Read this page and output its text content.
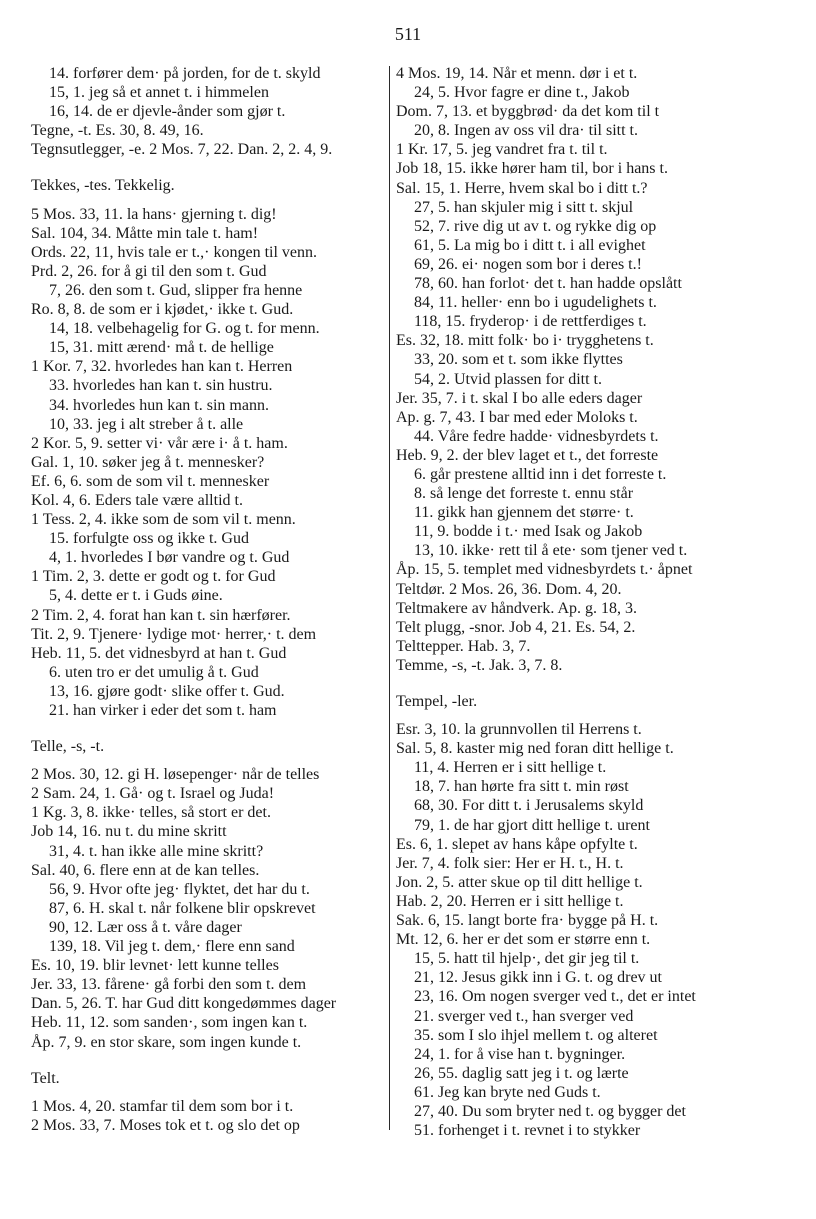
511
14. forfører dem· på jorden, for de t. skyld
15, 1. jeg så et annet t. i himmelen
16, 14. de er djevle-ånder som gjør t.
Tegne, -t. Es. 30, 8. 49, 16.
Tegnsutlegger, -e. 2 Mos. 7, 22. Dan. 2, 2. 4, 9.
Tekkes, -tes. Tekkelig.
5 Mos. 33, 11. la hans· gjerning t. dig!
Sal. 104, 34. Måtte min tale t. ham!
Ords. 22, 11, hvis tale er t.,· kongen til venn.
Prd. 2, 26. for å gi til den som t. Gud
7, 26. den som t. Gud, slipper fra henne
Ro. 8, 8. de som er i kjødet,· ikke t. Gud.
14, 18. velbehagelig for G. og t. for menn.
15, 31. mitt ærend· må t. de hellige
1 Kor. 7, 32. hvorledes han kan t. Herren
33. hvorledes han kan t. sin hustru.
34. hvorledes hun kan t. sin mann.
10, 33. jeg i alt streber å t. alle
2 Kor. 5, 9. setter vi· vår ære i· å t. ham.
Gal. 1, 10. søker jeg å t. mennesker?
Ef. 6, 6. som de som vil t. mennesker
Kol. 4, 6. Eders tale være alltid t.
1 Tess. 2, 4. ikke som de som vil t. menn.
15. forfulgte oss og ikke t. Gud
4, 1. hvorledes I bør vandre og t. Gud
1 Tim. 2, 3. dette er godt og t. for Gud
5, 4. dette er t. i Guds øine.
2 Tim. 2, 4. forat han kan t. sin hærfører.
Tit. 2, 9. Tjenere· lydige mot· herrer,· t. dem
Heb. 11, 5. det vidnesbyrd at han t. Gud
6. uten tro er det umulig å t. Gud
13, 16. gjøre godt· slike offer t. Gud.
21. han virker i eder det som t. ham
Telle, -s, -t.
2 Mos. 30, 12. gi H. løsepenger· når de telles
2 Sam. 24, 1. Gå· og t. Israel og Juda!
1 Kg. 3, 8. ikke· telles, så stort er det.
Job 14, 16. nu t. du mine skritt
31, 4. t. han ikke alle mine skritt?
Sal. 40, 6. flere enn at de kan telles.
56, 9. Hvor ofte jeg· flyktet, det har du t.
87, 6. H. skal t. når folkene blir opskrevet
90, 12. Lær oss å t. våre dager
139, 18. Vil jeg t. dem,· flere enn sand
Es. 10, 19. blir levnet· lett kunne telles
Jer. 33, 13. fårene· gå forbi den som t. dem
Dan. 5, 26. T. har Gud ditt kongedømmes dager
Heb. 11, 12. som sanden·, som ingen kan t.
Åp. 7, 9. en stor skare, som ingen kunde t.
Telt.
1 Mos. 4, 20. stamfar til dem som bor i t.
2 Mos. 33, 7. Moses tok et t. og slo det op
4 Mos. 19, 14. Når et menn. dør i et t.
24, 5. Hvor fagre er dine t., Jakob
Dom. 7, 13. et byggbrød· da det kom til t
20, 8. Ingen av oss vil dra· til sitt t.
1 Kr. 17, 5. jeg vandret fra t. til t.
Job 18, 15. ikke hører ham til, bor i hans t.
Sal. 15, 1. Herre, hvem skal bo i ditt t.?
27, 5. han skjuler mig i sitt t. skjul
52, 7. rive dig ut av t. og rykke dig op
61, 5. La mig bo i ditt t. i all evighet
69, 26. ei· nogen som bor i deres t.!
78, 60. han forlot· det t. han hadde opslått
84, 11. heller· enn bo i ugudelighets t.
118, 15. fryderop· i de rettferdiges t.
Es. 32, 18. mitt folk· bo i· trygghetens t.
33, 20. som et t. som ikke flyttes
54, 2. Utvid plassen for ditt t.
Jer. 35, 7. i t. skal I bo alle eders dager
Ap. g. 7, 43. I bar med eder Moloks t.
44. Våre fedre hadde· vidnesbyrdets t.
Heb. 9, 2. der blev laget et t., det forreste
6. går prestene alltid inn i det forreste t.
8. så lenge det forreste t. ennu står
11. gikk han gjennem det større· t.
11, 9. bodde i t.· med Isak og Jakob
13, 10. ikke· rett til å ete· som tjener ved t.
Åp. 15, 5. templet med vidnesbyrdets t.· åpnet
Teltdør. 2 Mos. 26, 36. Dom. 4, 20.
Teltmakere av håndverk. Ap. g. 18, 3.
Telt plugg, -snor. Job 4, 21. Es. 54, 2.
Telttepper. Hab. 3, 7.
Temme, -s, -t. Jak. 3, 7. 8.
Tempel, -ler.
Esr. 3, 10. la grunnvollen til Herrens t.
Sal. 5, 8. kaster mig ned foran ditt hellige t.
11, 4. Herren er i sitt hellige t.
18, 7. han hørte fra sitt t. min røst
68, 30. For ditt t. i Jerusalems skyld
79, 1. de har gjort ditt hellige t. urent
Es. 6, 1. slepet av hans kåpe opfylte t.
Jer. 7, 4. folk sier: Her er H. t., H. t.
Jon. 2, 5. atter skue op til ditt hellige t.
Hab. 2, 20. Herren er i sitt hellige t.
Sak. 6, 15. langt borte fra· bygge på H. t.
Mt. 12, 6. her er det som er større enn t.
15, 5. hatt til hjelp·, det gir jeg til t.
21, 12. Jesus gikk inn i G. t. og drev ut
23, 16. Om nogen sverger ved t., det er intet
21. sverger ved t., han sverger ved
35. som I slo ihjel mellem t. og alteret
24, 1. for å vise han t. bygninger.
26, 55. daglig satt jeg i t. og lærte
61. Jeg kan bryte ned Guds t.
27, 40. Du som bryter ned t. og bygger det
51. forhenget i t. revnet i to stykker
